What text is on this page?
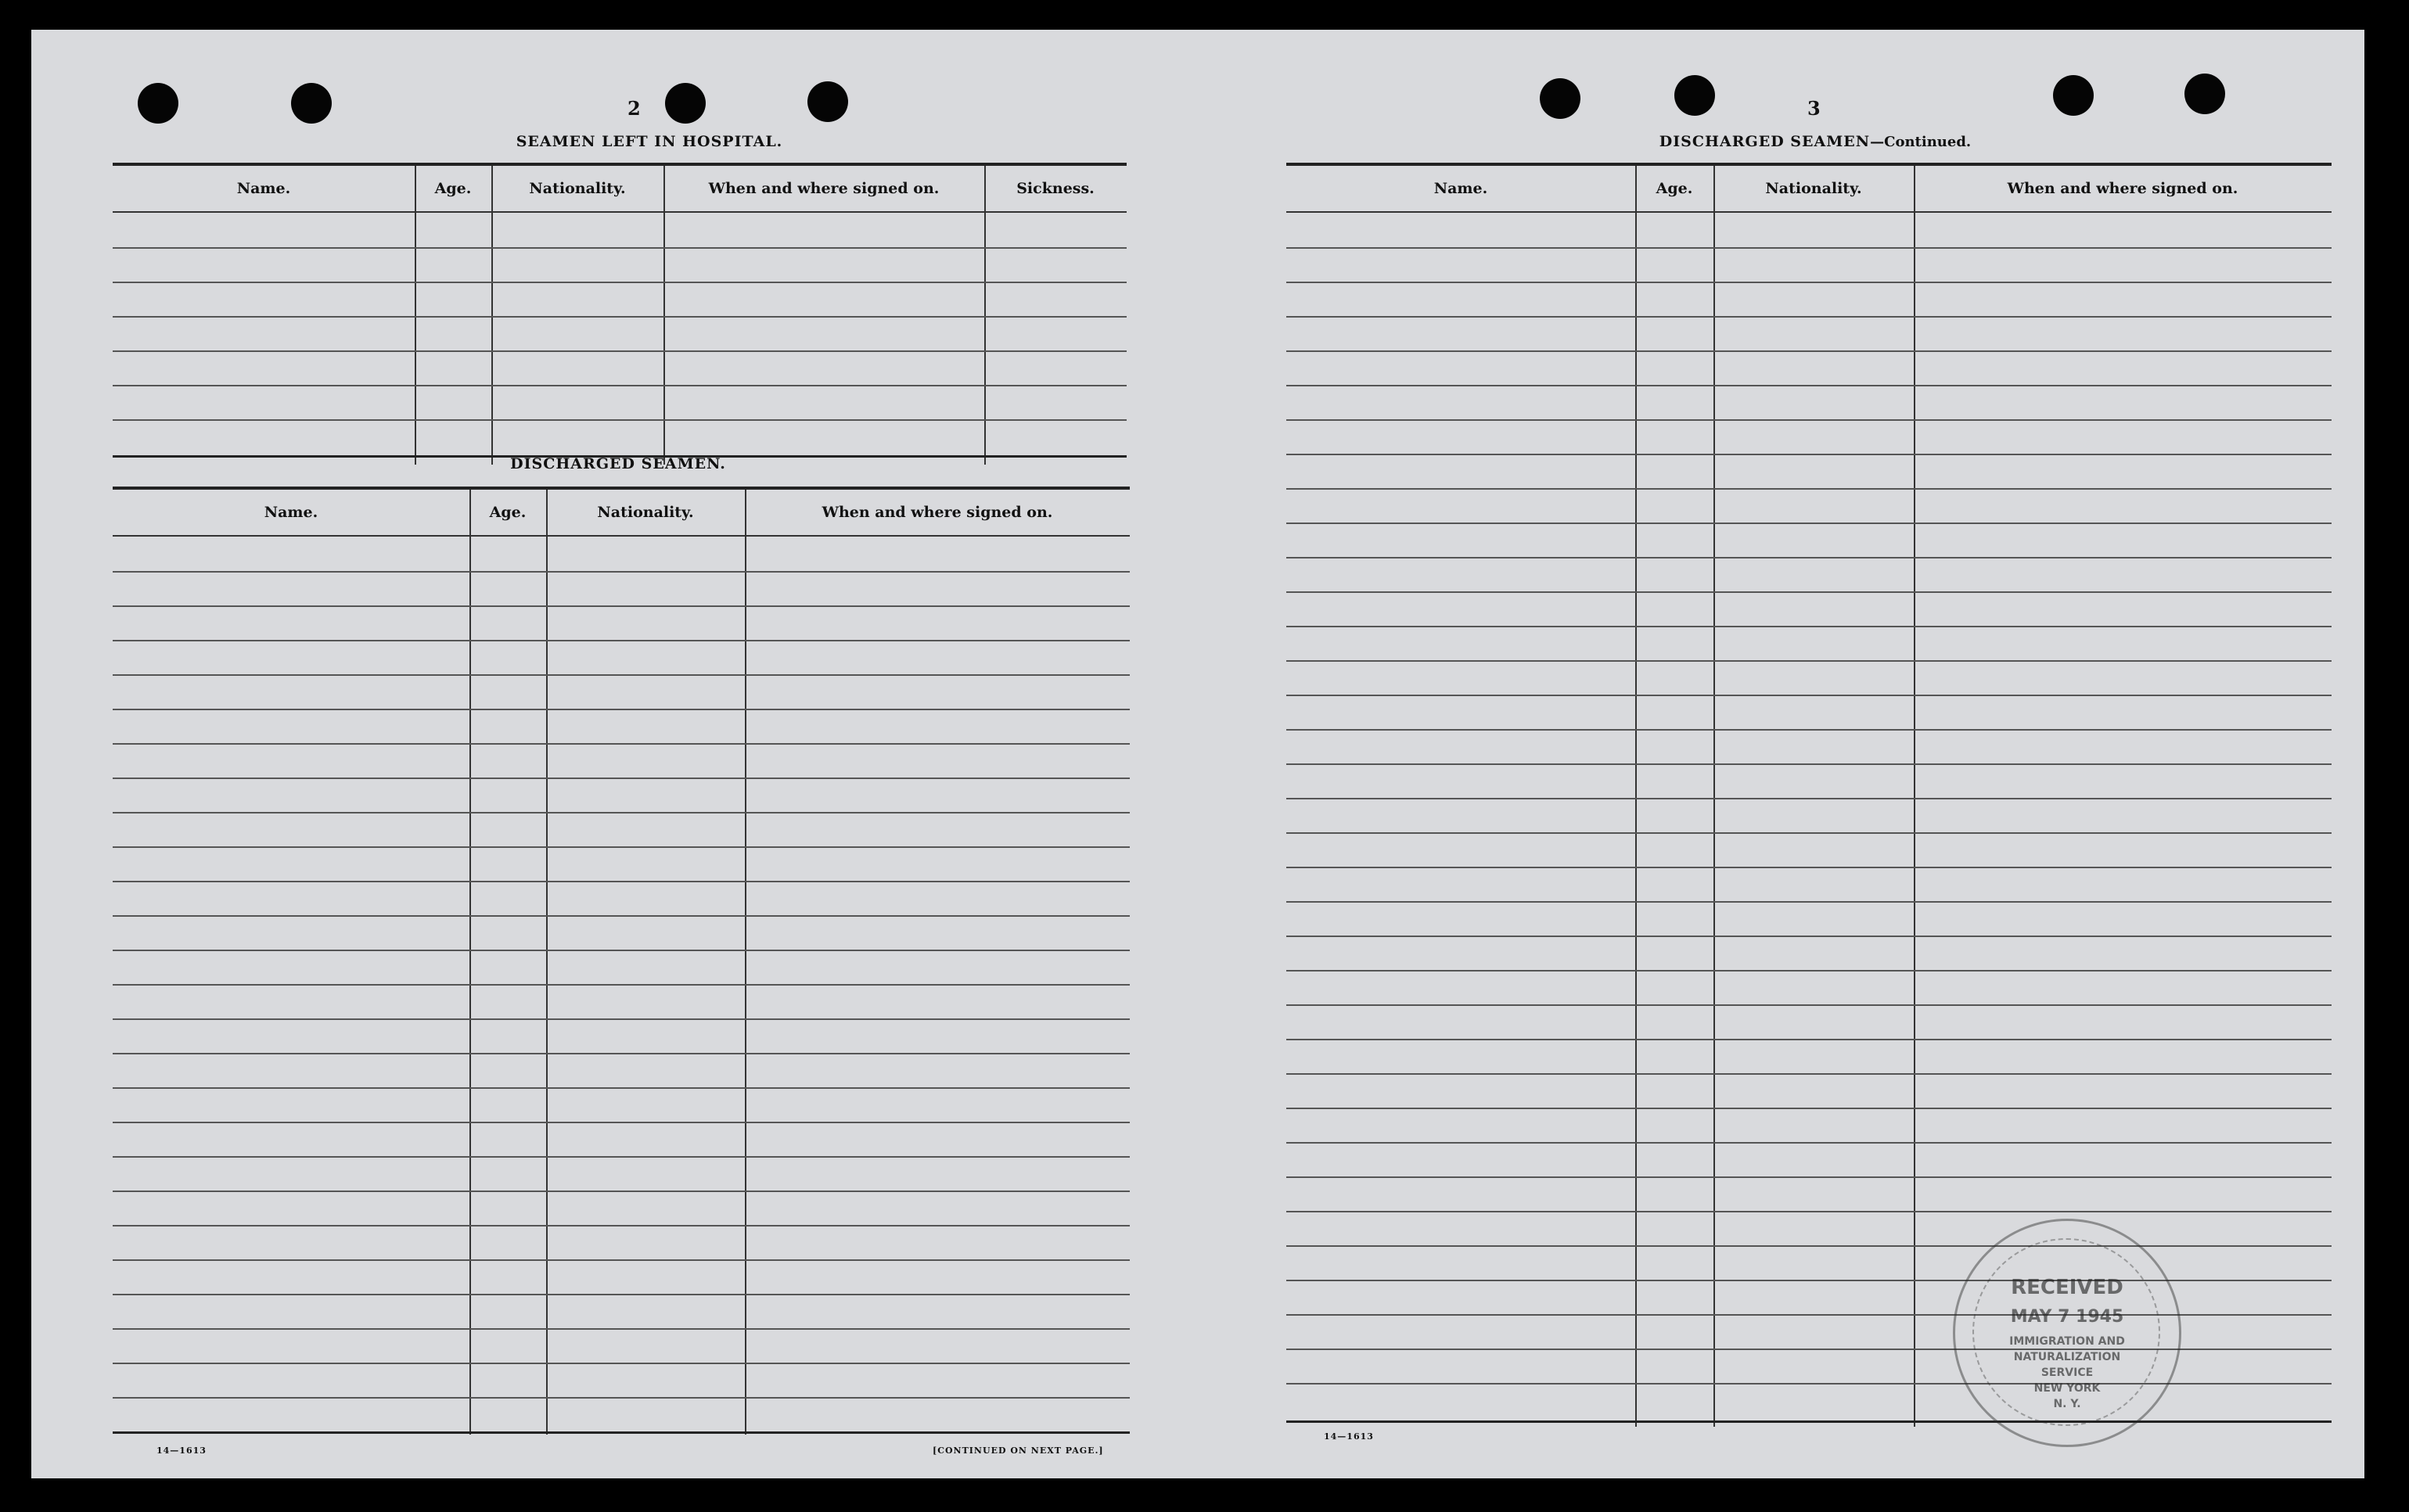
2
SEAMEN LEFT IN HOSPITAL.
Name.	Age.	Nationality.	When and where signed on.	Sickness.
DISCHARGED SEAMEN.
Name.	Age.	Nationality.	When and where signed on.
14—1613	[CONTINUED ON NEXT PAGE.]
3
DISCHARGED SEAMEN—Continued.
Name.	Age.	Nationality.	When and where signed on.
14—1613
RECEIVED
MAY 7 1945
IMMIGRATION AND
NATURALIZATION
SERVICE
NEW YORK
N. Y.
